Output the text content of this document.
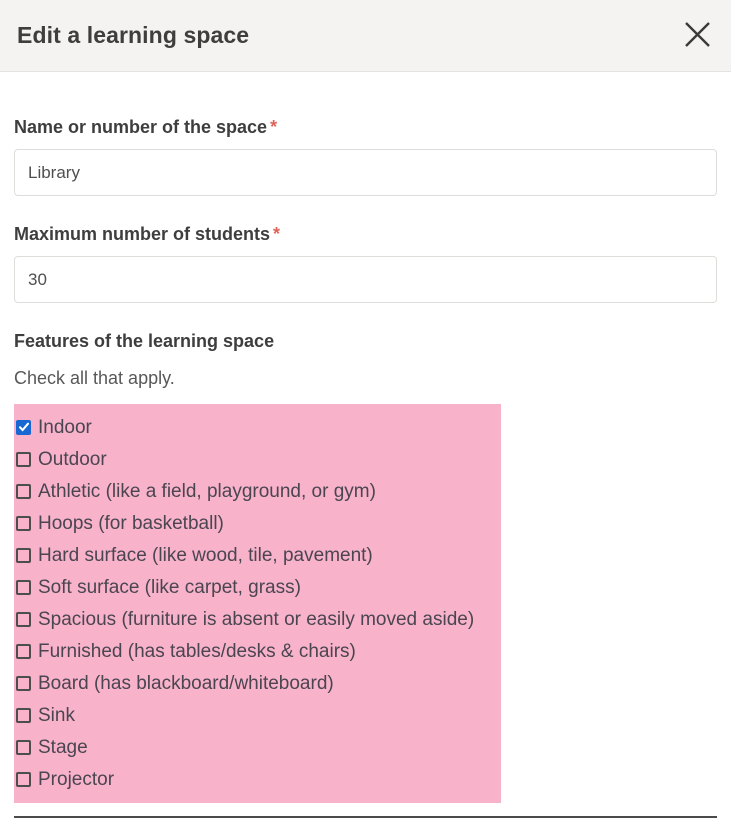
Edit a learning space
Name or number of the space *
Library
Maximum number of students *
30
Features of the learning space
Check all that apply.
Indoor
Outdoor
Athletic (like a field, playground, or gym)
Hoops (for basketball)
Hard surface (like wood, tile, pavement)
Soft surface (like carpet, grass)
Spacious (furniture is absent or easily moved aside)
Furnished (has tables/desks & chairs)
Board (has blackboard/whiteboard)
Sink
Stage
Projector
